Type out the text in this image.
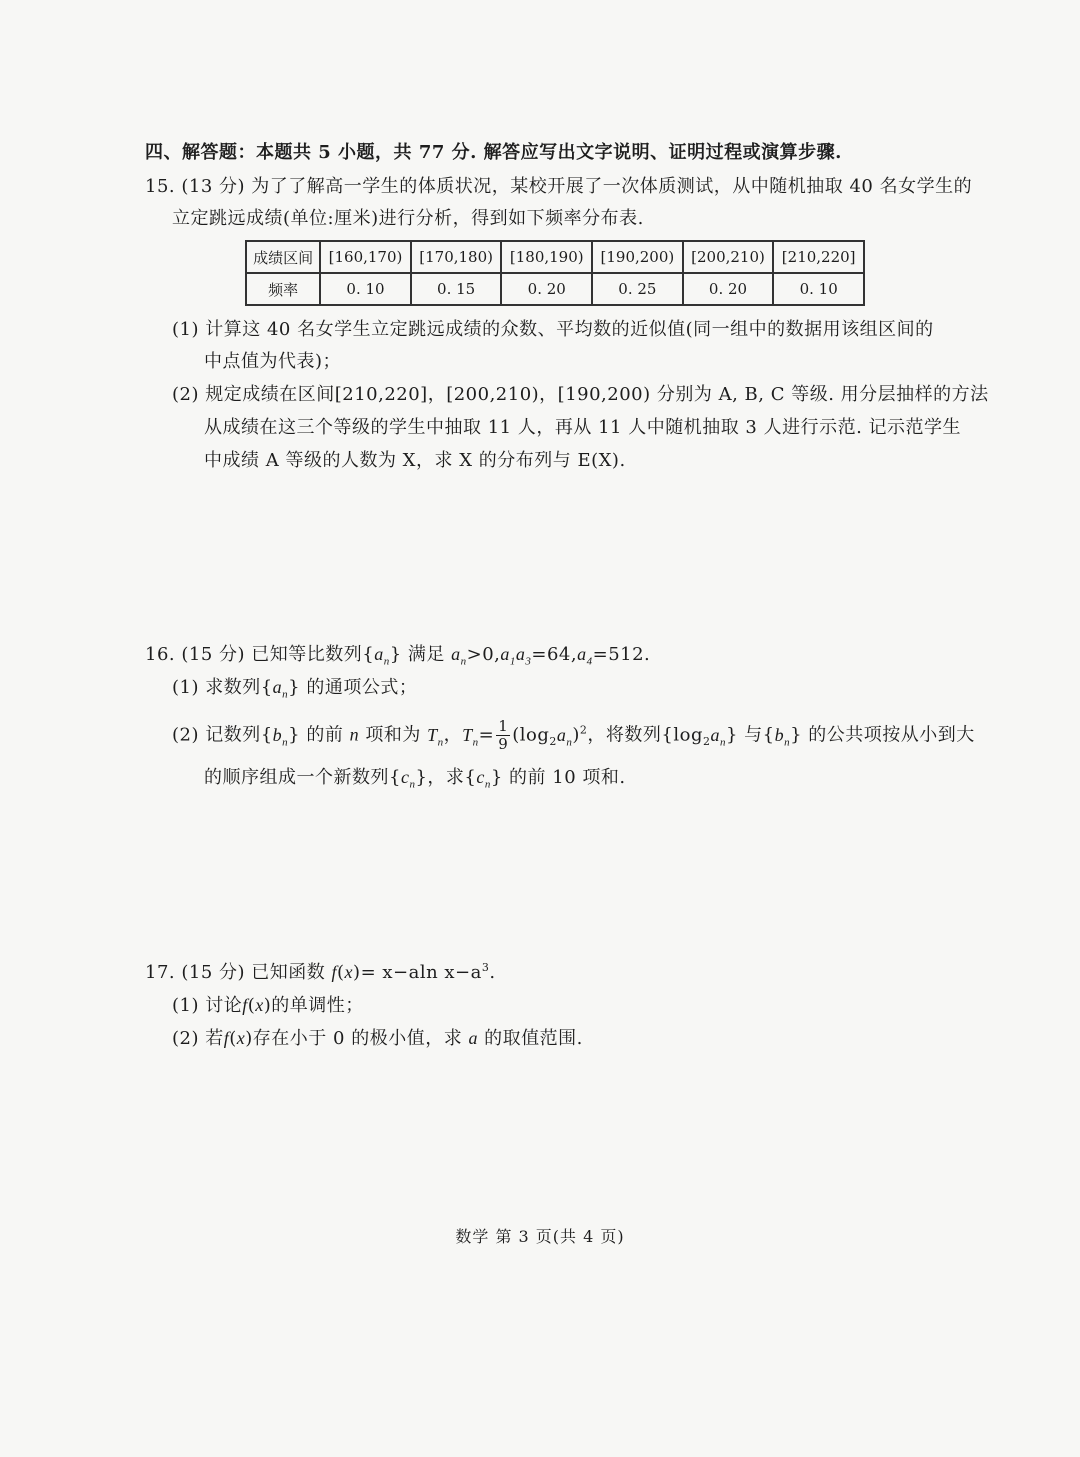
四、解答题：本题共 5 小题，共 77 分. 解答应写出文字说明、证明过程或演算步骤.
15. (13 分) 为了了解高一学生的体质状况，某校开展了一次体质测试，从中随机抽取 40 名女学生的
立定跳远成绩(单位:厘米)进行分析，得到如下频率分布表.
成绩区间	[160,170)	[170,180)	[180,190)	[190,200)	[200,210)	[210,220]
频率	0. 10	0. 15	0. 20	0. 25	0. 20	0. 10
(1) 计算这 40 名女学生立定跳远成绩的众数、平均数的近似值(同一组中的数据用该组区间的
中点值为代表)；
(2) 规定成绩在区间[210,220]，[200,210)，[190,200) 分别为 A, B, C 等级. 用分层抽样的方法
从成绩在这三个等级的学生中抽取 11 人，再从 11 人中随机抽取 3 人进行示范. 记示范学生
中成绩 A 等级的人数为 X，求 X 的分布列与 E(X).
16. (15 分) 已知等比数列$\{a_n\}$ 满足 $a_n>0,a_1a_3=64,a_4=512$.
(1) 求数列$\{a_n\}$ 的通项公式；
(2) 记数列$\{b_n\}$ 的前 n 项和为 $T_n$，$T_n= \frac{1}{9} (\log_2a_n)^2$，将数列$\{\log_2a_n\}$ 与$\{b_n\}$ 的公共项按从小到大
的顺序组成一个新数列$\{c_n\}$，求$\{c_n\}$ 的前 10 项和.
17. (15 分) 已知函数 f(x)= x−aln $x-a^3$.
(1) 讨论f(x)的单调性；
(2) 若f(x)存在小于 0 的极小值，求 a 的取值范围.
数学 第 3 页(共 4 页)
